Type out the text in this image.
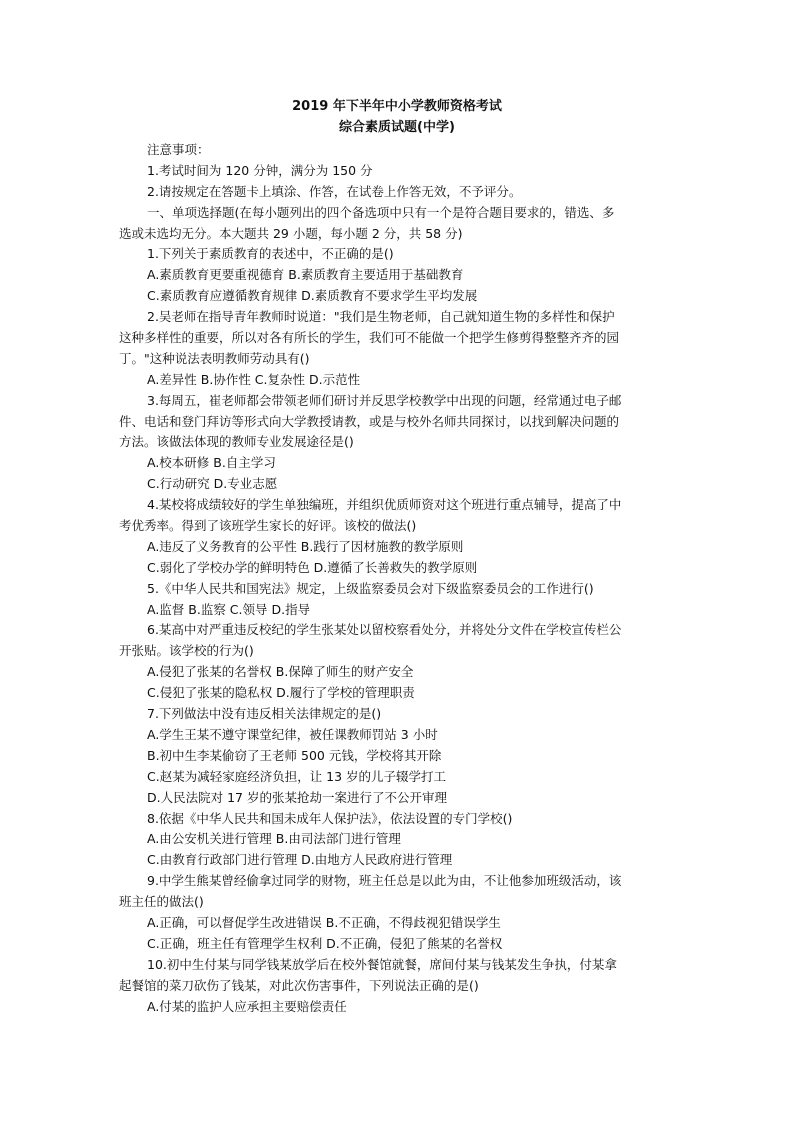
2019 年下半年中小学教师资格考试
综合素质试题(中学)
注意事项：
1.考试时间为 120 分钟，满分为 150 分
2.请按规定在答题卡上填涂、作答，在试卷上作答无效，不予评分。
一、单项选择题(在每小题列出的四个备选项中只有一个是符合题目要求的，错选、多
选或未选均无分。本大题共 29 小题，每小题 2 分，共 58 分)
1.下列关于素质教育的表述中，不正确的是()
A.素质教育更要重视德育 B.素质教育主要适用于基础教育
C.素质教育应遵循教育规律 D.素质教育不要求学生平均发展
2.吴老师在指导青年教师时说道："我们是生物老师，自己就知道生物的多样性和保护
这种多样性的重要，所以对各有所长的学生，我们可不能做一个把学生修剪得整整齐齐的园
丁。"这种说法表明教师劳动具有()
A.差异性 B.协作性 C.复杂性 D.示范性
3.每周五，崔老师都会带领老师们研讨并反思学校教学中出现的问题，经常通过电子邮
件、电话和登门拜访等形式向大学教授请教，或是与校外名师共同探讨，以找到解决问题的
方法。该做法体现的教师专业发展途径是()
A.校本研修 B.自主学习
C.行动研究 D.专业志愿
4.某校将成绩较好的学生单独编班，并组织优质师资对这个班进行重点辅导，提高了中
考优秀率。得到了该班学生家长的好评。该校的做法()
A.违反了义务教育的公平性 B.践行了因材施教的教学原则
C.弱化了学校办学的鲜明特色 D.遵循了长善救失的教学原则
5.《中华人民共和国宪法》规定，上级监察委员会对下级监察委员会的工作进行()
A.监督 B.监察 C.领导 D.指导
6.某高中对严重违反校纪的学生张某处以留校察看处分，并将处分文件在学校宣传栏公
开张贴。该学校的行为()
A.侵犯了张某的名誉权 B.保障了师生的财产安全
C.侵犯了张某的隐私权 D.履行了学校的管理职责
7.下列做法中没有违反相关法律规定的是()
A.学生王某不遵守课堂纪律，被任课教师罚站 3 小时
B.初中生李某偷窃了王老师 500 元钱，学校将其开除
C.赵某为减轻家庭经济负担，让 13 岁的儿子辍学打工
D.人民法院对 17 岁的张某抢劫一案进行了不公开审理
8.依据《中华人民共和国未成年人保护法》，依法设置的专门学校()
A.由公安机关进行管理 B.由司法部门进行管理
C.由教育行政部门进行管理 D.由地方人民政府进行管理
9.中学生熊某曾经偷拿过同学的财物，班主任总是以此为由，不让他参加班级活动，该
班主任的做法()
A.正确，可以督促学生改进错误 B.不正确，不得歧视犯错误学生
C.正确，班主任有管理学生权利 D.不正确，侵犯了熊某的名誉权
10.初中生付某与同学钱某放学后在校外餐馆就餐，席间付某与钱某发生争执，付某拿
起餐馆的菜刀砍伤了钱某，对此次伤害事件，下列说法正确的是()
A.付某的监护人应承担主要赔偿责任
